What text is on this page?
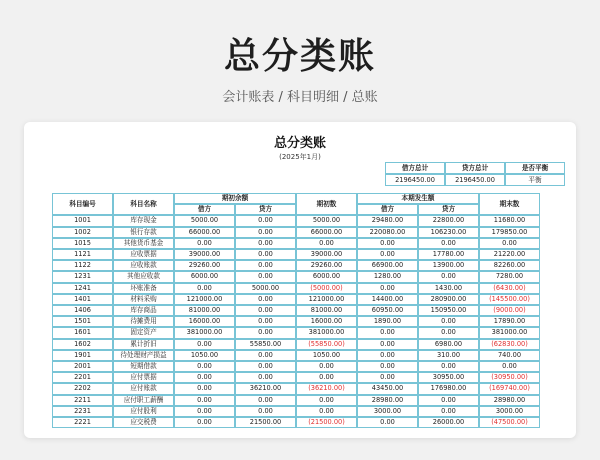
总分类账
会计账表 / 科目明细 / 总账
总分类账
(2025年1月)
借方总计	贷方总计	是否平衡
2196450.00	2196450.00	平衡
科目编号	科目名称	期初余额		期初数	本期发生额		期末数
		借方	贷方		借方	贷方	

1001	库存现金	5000.00	0.00	5000.00	29480.00	22800.00	11680.00
1002	银行存款	66000.00	0.00	66000.00	220080.00	106230.00	179850.00
1015	其他货币基金	0.00	0.00	0.00	0.00	0.00	0.00
1121	应收票据	39000.00	0.00	39000.00	0.00	17780.00	21220.00
1122	应收账款	29260.00	0.00	29260.00	66900.00	13900.00	82260.00
1231	其他应收款	6000.00	0.00	6000.00	1280.00	0.00	7280.00
1241	坏账准备	0.00	5000.00	(5000.00)	0.00	1430.00	(6430.00)
1401	材料采购	121000.00	0.00	121000.00	14400.00	280900.00	(145500.00)
1406	库存商品	81000.00	0.00	81000.00	60950.00	150950.00	(9000.00)
1501	待摊费用	16000.00	0.00	16000.00	1890.00	0.00	17890.00
1601	固定资产	381000.00	0.00	381000.00	0.00	0.00	381000.00
1602	累计折旧	0.00	55850.00	(55850.00)	0.00	6980.00	(62830.00)
1901	待处理财产损益	1050.00	0.00	1050.00	0.00	310.00	740.00
2001	短期借款	0.00	0.00	0.00	0.00	0.00	0.00
2201	应付票据	0.00	0.00	0.00	0.00	30950.00	(30950.00)
2202	应付账款	0.00	36210.00	(36210.00)	43450.00	176980.00	(169740.00)
2211	应付职工薪酬	0.00	0.00	0.00	28980.00	0.00	28980.00
2231	应付股利	0.00	0.00	0.00	3000.00	0.00	3000.00
2221	应交税费	0.00	21500.00	(21500.00)	0.00	26000.00	(47500.00)
